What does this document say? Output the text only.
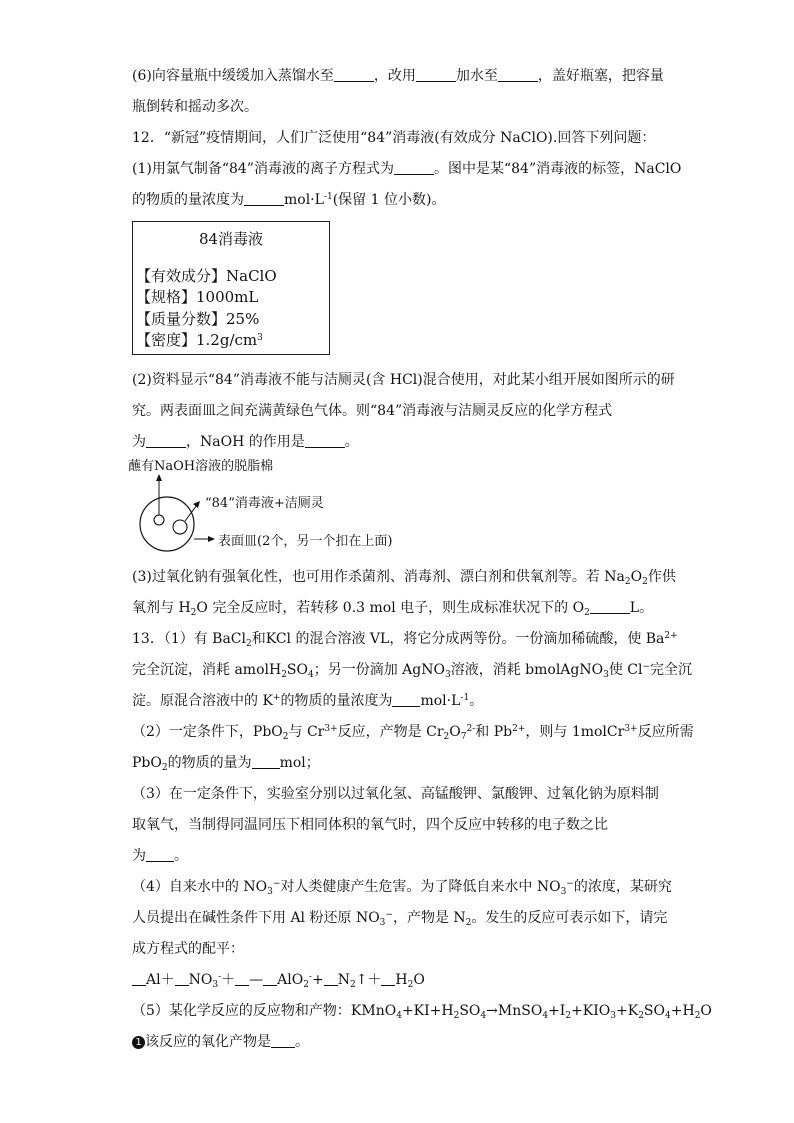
(6)向容量瓶中缓缓加入蒸馏水至	，改用	加水至	，盖好瓶塞，把容量
瓶倒转和摇动多次。
12．“新冠”疫情期间，人们广泛使用“84”消毒液(有效成分 NaClO).回答下列问题：
(1)用氯气制备“84”消毒液的离子方程式为	。图中是某“84”消毒液的标签，NaClO
的物质的量浓度为	$mol\cdot L^{-1}$(保留 1 位小数)。
84消毒液
【有效成分】NaClO
【规格】1000mL
【质量分数】25%
【密度】$1.2g/cm^3$
(2)资料显示“84”消毒液不能与洁厕灵(含 HCl)混合使用，对此某小组开展如图所示的研
究。两表面皿之间充满黄绿色气体。则“84”消毒液与洁厕灵反应的化学方程式
为	，NaOH 的作用是	。
蘸有NaOH溶液的脱脂棉
“84”消毒液+洁厕灵
表面皿(2个，另一个扣在上面)
(3)过氧化钠有强氧化性，也可用作杀菌剂、消毒剂、漂白剂和供氧剂等。若 $Na_2O_2$作供
氧剂与 $H_2O$ 完全反应时，若转移 0.3 mol 电子，则生成标准状况下的 $O_2$	L。
13．（1）有 BaCl$_2$和KCl 的混合溶液 VL，将它分成两等份。一份滴加稀硫酸，使 $Ba^{2+}$
完全沉淀，消耗 $amolH_2SO_4$；另一份滴加 AgNO$_3$溶液，消耗 bmolAgNO$_3$使 Cl−完全沉
淀。原混合溶液中的 K+的物质的量浓度为 $mol\cdot L^{-1}$。
（2）一定条件下，PbO$_2$与 $Cr^{3+}$反应，产物是 $Cr_2O_7^{2-}$和 $Pb^{2+}$，则与 1molCr$^{3+}$反应所需
PbO$_2$的物质的量为 mol；
（3）在一定条件下，实验室分别以过氧化氢、高锰酸钾、氯酸钾、过氧化钠为原料制
取氧气，当制得同温同压下相同体积的氧气时，四个反应中转移的电子数之比
为 。
（4）自来水中的 $NO_3^-$对人类健康产生危害。为了降低自来水中 $NO_3^-$的浓度，某研究
人员提出在碱性条件下用 Al 粉还原 $NO_3^-$，产物是 $N_2$。发生的反应可表示如下，请完
成方程式的配平：
$Al+ NO_3^-+$ — $AlO_2^-+ N_2↑+ H_2O$
（5）某化学反应的反应物和产物：$KMnO_4+KI+H_2SO_4\to MnSO_4+I_2+KIO_3+K_2SO_4+H_2O$
1 该反应的氧化产物是 。
